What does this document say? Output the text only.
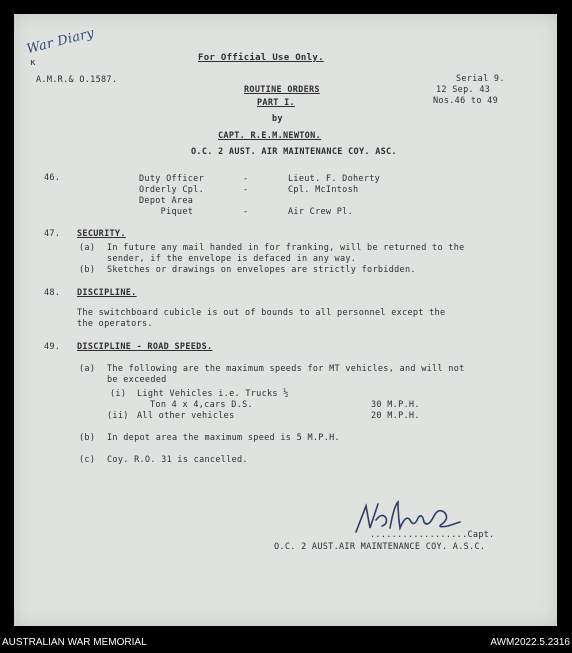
War Diary
ĸ	For Official Use Only.
A.M.R.& O.1587.	Serial 9.
12 Sep. 43
Nos.46 to 49
ROUTINE ORDERS
PART I.
by
CAPT. R.E.M.NEWTON.
O.C. 2 AUST. AIR MAINTENANCE COY. ASC.
46.	Duty Officer	-	Lieut. F. Doherty
Orderly Cpl.	-	Cpl. McIntosh
Depot Area
Piquet	-	Air Crew Pl.
47. SECURITY.
(a) In future any mail handed in for franking, will be returned to the
sender, if the envelope is defaced in any way.
(b) Sketches or drawings on envelopes are strictly forbidden.
48. DISCIPLINE.
The switchboard cubicle is out of bounds to all personnel except the
the operators.
49. DISCIPLINE - ROAD SPEEDS.
(a) The following are the maximum speeds for MT vehicles, and will not
be exceeded
(i) Light Vehicles i.e. Trucks ½
Ton 4 x 4,cars D.S.	30 M.P.H.
(ii) All other vehicles	20 M.P.H.
(b) In depot area the maximum speed is 5 M.P.H.
(c) Coy. R.O. 31 is cancelled.
..................Capt.
O.C. 2 AUST.AIR MAINTENANCE COY. A.S.C.
AUSTRALIAN WAR MEMORIAL	AWM2022.5.2316
